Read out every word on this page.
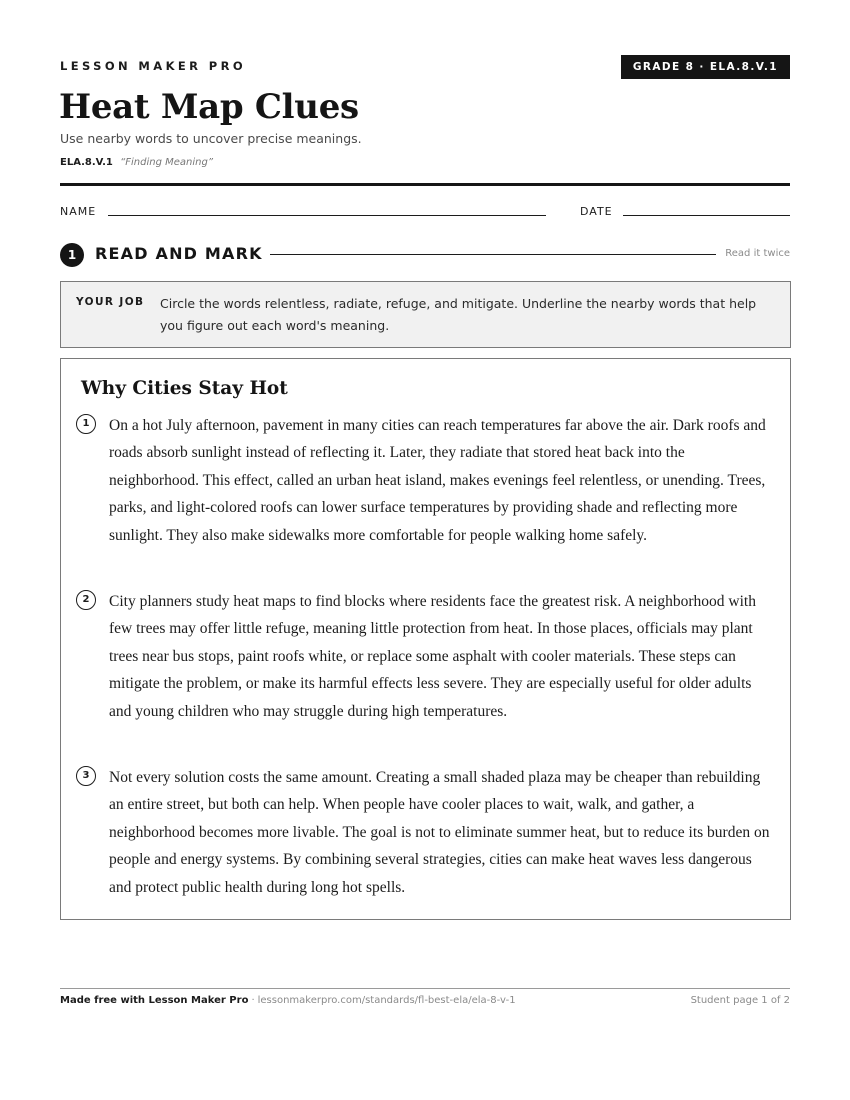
LESSON MAKER PRO	GRADE 8 · ELA.8.V.1
Heat Map Clues
Use nearby words to uncover precise meanings.
ELA.8.V.1 “Finding Meaning”
NAME	DATE
1	READ AND MARK	Read it twice
YOUR JOB Circle the words relentless, radiate, refuge, and mitigate. Underline the nearby words that help you figure out each word's meaning.
Why Cities Stay Hot
1	On a hot July afternoon, pavement in many cities can reach temperatures far above the air. Dark roofs and roads absorb sunlight instead of reflecting it. Later, they radiate that stored heat back into the neighborhood. This effect, called an urban heat island, makes evenings feel relentless, or unending. Trees, parks, and light-colored roofs can lower surface temperatures by providing shade and reflecting more sunlight. They also make sidewalks more comfortable for people walking home safely.

2	City planners study heat maps to find blocks where residents face the greatest risk. A neighborhood with few trees may offer little refuge, meaning little protection from heat. In those places, officials may plant trees near bus stops, paint roofs white, or replace some asphalt with cooler materials. These steps can mitigate the problem, or make its harmful effects less severe. They are especially useful for older adults and young children who may struggle during high temperatures.

3	Not every solution costs the same amount. Creating a small shaded plaza may be cheaper than rebuilding an entire street, but both can help. When people have cooler places to wait, walk, and gather, a neighborhood becomes more livable. The goal is not to eliminate summer heat, but to reduce its burden on people and energy systems. By combining several strategies, cities can make heat waves less dangerous and protect public health during long hot spells.

Made free with Lesson Maker Pro · lessonmakerpro.com/standards/fl-best-ela/ela-8-v-1	Student page 1 of 2
